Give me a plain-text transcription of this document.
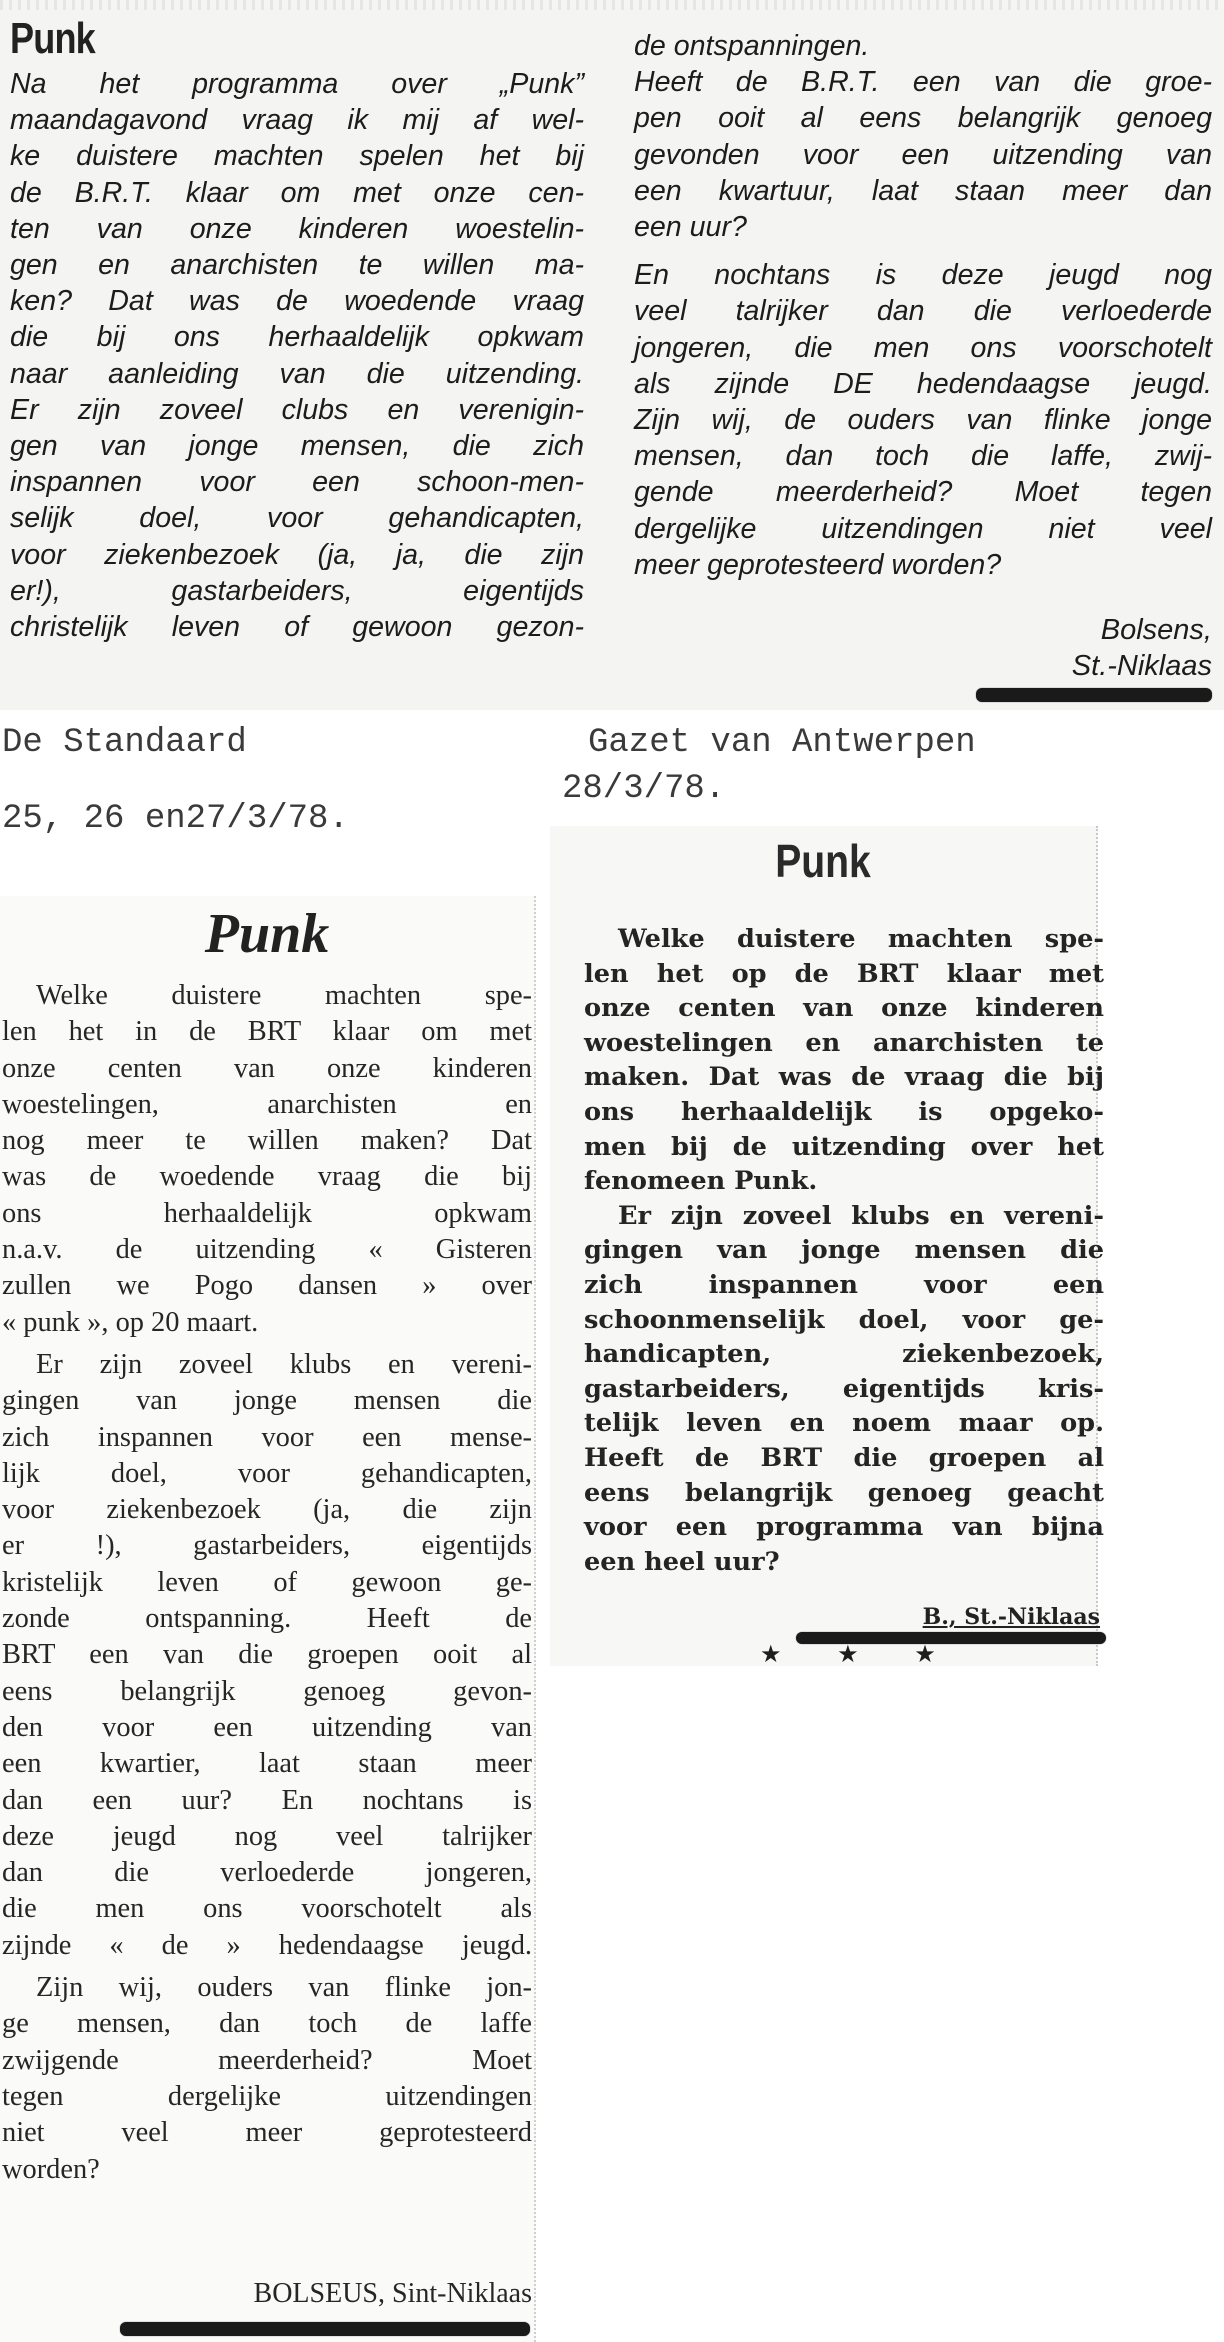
Punk
Na het programma over „Punk”
maandagavond vraag ik mij af wel-
ke duistere machten spelen het bij
de B.R.T. klaar om met onze cen-
ten van onze kinderen woestelin-
gen en anarchisten te willen ma-
ken? Dat was de woedende vraag
die bij ons herhaaldelijk opkwam
naar aanleiding van die uitzending.
Er zijn zoveel clubs en verenigin-
gen van jonge mensen, die zich
inspannen voor een schoon-men-
selijk doel, voor gehandicapten,
voor ziekenbezoek (ja, ja, die zijn
er!), gastarbeiders, eigentijds
christelijk leven of gewoon gezon-
de ontspanningen.
Heeft de B.R.T. een van die groe-
pen ooit al eens belangrijk genoeg
gevonden voor een uitzending van
een kwartuur, laat staan meer dan
een uur?
En nochtans is deze jeugd nog
veel talrijker dan die verloederde
jongeren, die men ons voorschotelt
als zijnde DE hedendaagse jeugd.
Zijn wij, de ouders van flinke jonge
mensen, dan toch die laffe, zwij-
gende meerderheid? Moet tegen
dergelijke uitzendingen niet veel
meer geprotesteerd worden?
Bolsens,
St.-Niklaas
De Standaard
25, 26 en27/3/78.
Gazet van Antwerpen
28/3/78.
Punk
Welke duistere machten spe-
len het in de BRT klaar om met
onze centen van onze kinderen
woestelingen, anarchisten en
nog meer te willen maken? Dat
was de woedende vraag die bij
ons herhaaldelijk opkwam
n.a.v. de uitzending « Gisteren
zullen we Pogo dansen » over
« punk », op 20 maart.
Er zijn zoveel klubs en vereni-
gingen van jonge mensen die
zich inspannen voor een mense-
lijk doel, voor gehandicapten,
voor ziekenbezoek (ja, die zijn
er !), gastarbeiders, eigentijds
kristelijk leven of gewoon ge-
zonde ontspanning. Heeft de
BRT een van die groepen ooit al
eens belangrijk genoeg gevon-
den voor een uitzending van
een kwartier, laat staan meer
dan een uur? En nochtans is
deze jeugd nog veel talrijker
dan die verloederde jongeren,
die men ons voorschotelt als
zijnde « de » hedendaagse jeugd.
Zijn wij, ouders van flinke jon-
ge mensen, dan toch de laffe
zwijgende meerderheid? Moet
tegen dergelijke uitzendingen
niet veel meer geprotesteerd
worden?
BOLSEUS, Sint-Niklaas
Punk
Welke duistere machten spe-
len het op de BRT klaar met
onze centen van onze kinderen
woestelingen en anarchisten te
maken. Dat was de vraag die bij
ons herhaaldelijk is opgeko-
men bij de uitzending over het
fenomeen Punk.
Er zijn zoveel klubs en vereni-
gingen van jonge mensen die
zich inspannen voor een
schoonmenselijk doel, voor ge-
handicapten, ziekenbezoek,
gastarbeiders, eigentijds kris-
telijk leven en noem maar op.
Heeft de BRT die groepen al
eens belangrijk genoeg geacht
voor een programma van bijna
een heel uur?
B., St.-Niklaas
★ ★ ★
